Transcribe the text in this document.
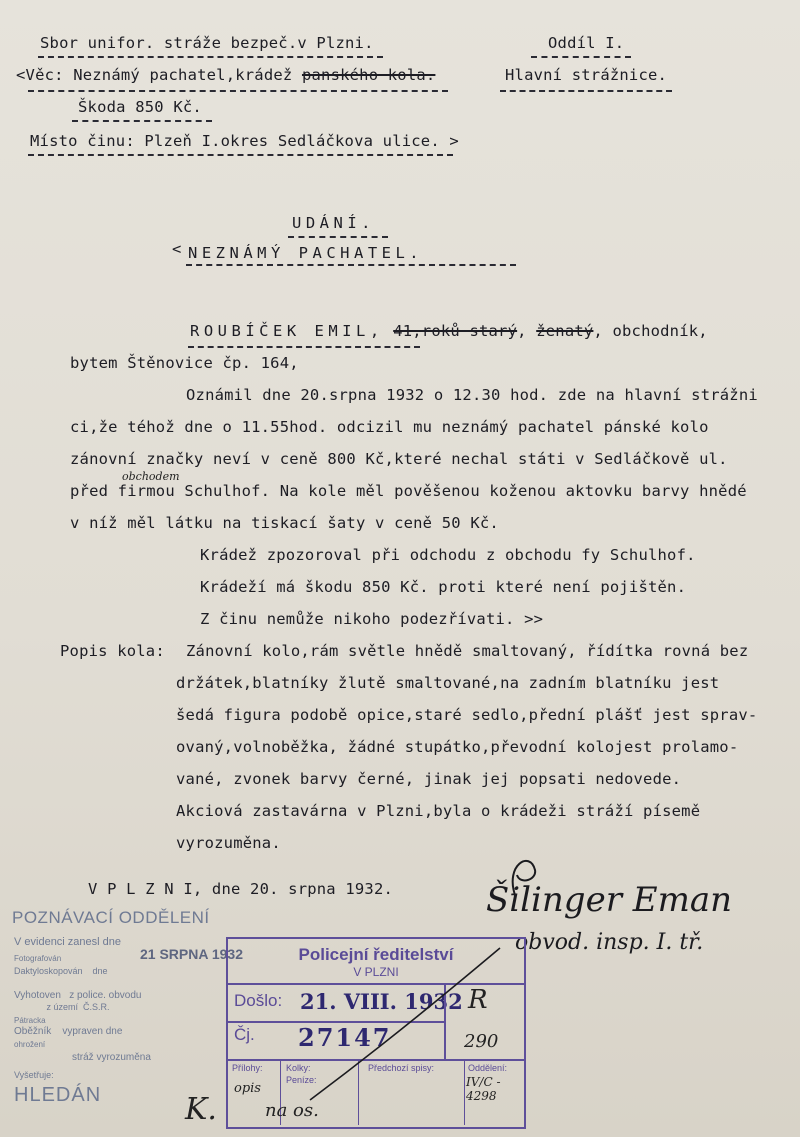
Sbor unifor. stráže bezpeč.v Plzni.	Oddíl I.
<Věc: Neznámý pachatel,krádež panského kola.	Hlavní strážnice.
Škoda 850 Kč.
Místo činu: Plzeň I.okres Sedláčkova ulice. >
UDÁNÍ.
< NEZNÁMÝ PACHATEL.
ROUBÍČEK EMIL, 41,roků starý, ženatý, obchodník,
bytem Štěnovice čp. 164,
Oznámil dne 20.srpna 1932 o 12.30 hod. zde na hlavní strážni
ci,že téhož dne o 11.55hod. odcizil mu neznámý pachatel pánské kolo
zánovní značky neví v ceně 800 Kč,které nechal státi v Sedláčkově ul.
obchodem
před firmou Schulhof. Na kole měl pověšenou koženou aktovku barvy hnědé
v níž měl látku na tiskací šaty v ceně 50 Kč.
Krádež zpozoroval při odchodu z obchodu fy Schulhof.
Krádeží má škodu 850 Kč. proti které není pojištěn.
Z činu nemůže nikoho podezřívati. >>
Popis kola: Zánovní kolo,rám světle hnědě smaltovaný, řídítka rovná bez
držátek,blatníky žlutě smaltované,na zadním blatníku jest
šedá figura podobě opice,staré sedlo,přední plášť jest sprav-
ovaný,volnoběžka, žádné stupátko,převodní kolojest prolamo-
vané, zvonek barvy černé, jinak jej popsati nedovede.
Akciová zastavárna v Plzni,byla o krádeži stráží písemě
vyrozuměna.
V P L Z N I, dne 20. srpna 1932.	Šilinger Eman
obvod. insp. I. tř.
POZNÁVACÍ ODDĚLENÍ
V evidenci zanesl dne
21 SRPNA 1932
Fotografován
Daktyloskopován    dne
Vyhotoven   z police. obvodu
z území  Č.S.R.
Pátracka
Oběžník    vypraven dne
ohrožení
stráž vyrozuměna
Vyšetřuje:
HLEDÁN
Policejní ředitelství
V PLZNI
Došlo: 21. VIII. 1932 R
Čj. 27147	290
Přílohy:
opis
Kolky:
Peníze:
Předchozí spisy:	Oddělení:
IV/C - 4298
K.	na os.
